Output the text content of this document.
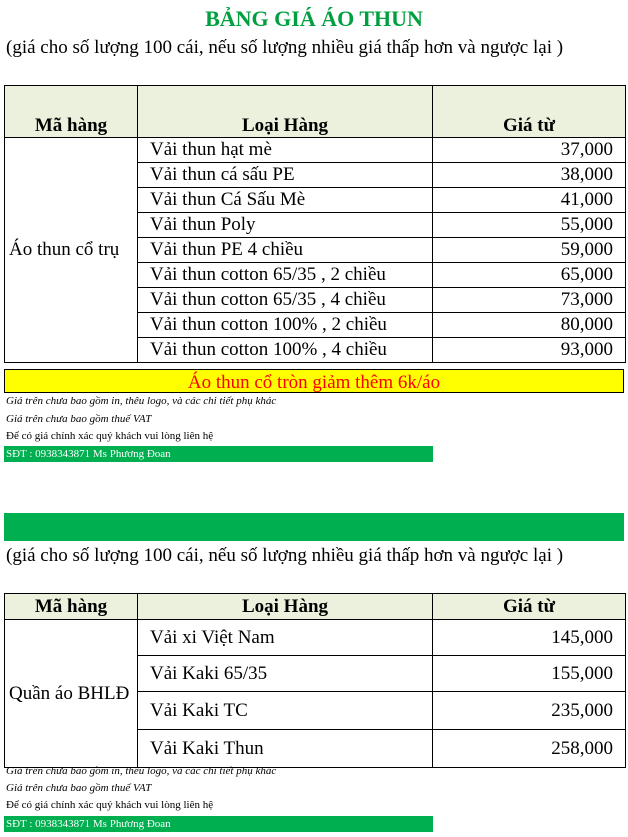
BẢNG GIÁ ÁO THUN
(giá cho số lượng 100 cái, nếu số lượng nhiều giá thấp hơn và ngược lại )
Mã hàng	Loại Hàng	Giá từ
Áo thun cổ trụ	Vải thun hạt mè	37,000
	Vải thun cá sấu PE	38,000
	Vải thun Cá Sấu Mè	41,000
	Vải thun Poly	55,000
	Vải thun PE 4 chiều	59,000
	Vải thun cotton 65/35 , 2 chiều	65,000
	Vải thun cotton 65/35 , 4 chiều	73,000
	Vải thun cotton 100% , 2 chiều	80,000
	Vải thun cotton 100% , 4 chiều	93,000
Áo thun cổ tròn giảm thêm 6k/áo
Giá trên chưa bao gồm in, thêu logo, và các chi tiết phụ khác
Giá trên chưa bao gồm thuế VAT
Để có giá chính xác quý khách vui lòng liên hệ
SĐT : 0938343871 Ms Phương Đoan
(giá cho số lượng 100 cái, nếu số lượng nhiều giá thấp hơn và ngược lại )
Mã hàng	Loại Hàng	Giá từ
Quần áo BHLĐ	Vải xi Việt Nam	145,000
	Vải Kaki 65/35	155,000
	Vải Kaki TC	235,000
	Vải Kaki Thun	258,000
Giá trên chưa bao gồm in, thêu logo, và các chi tiết phụ khác
Giá trên chưa bao gồm thuế VAT
Để có giá chính xác quý khách vui lòng liên hệ
SĐT : 0938343871 Ms Phương Đoan
